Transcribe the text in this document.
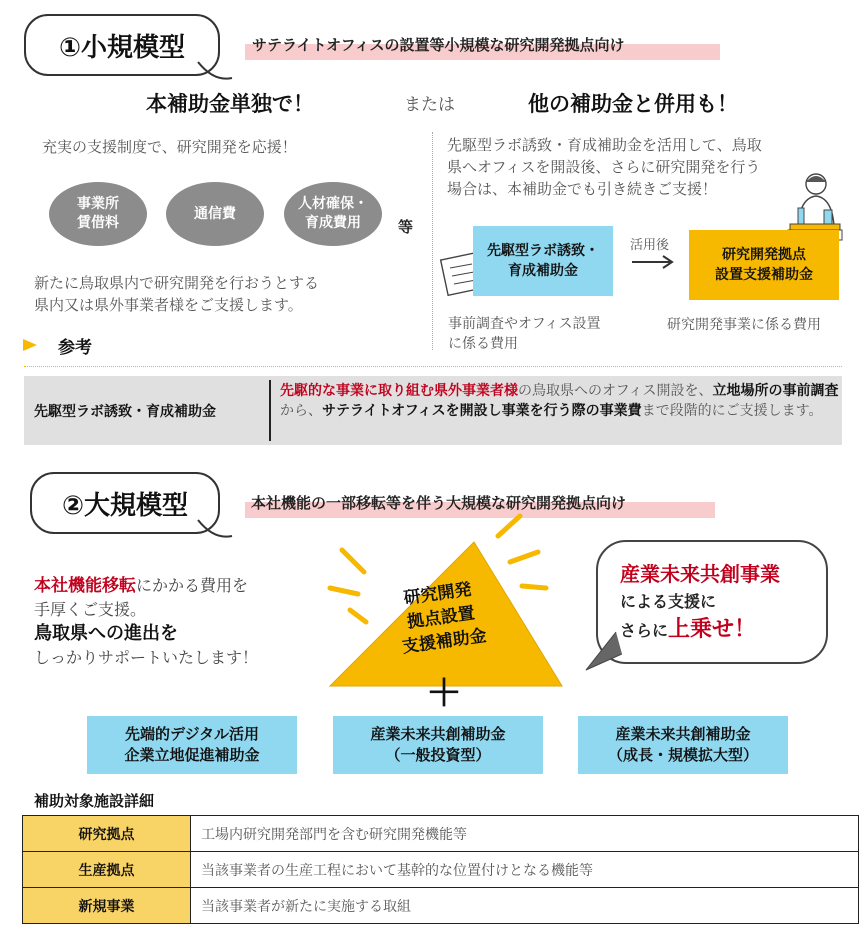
①小規模型	サテライトオフィスの設置等小規模な研究開発拠点向け
本補助金単独で！	または	他の補助金と併用も！
充実の支援制度で、研究開発を応援！
事業所
賃借料
通信費
人材確保・
育成費用	等
新たに鳥取県内で研究開発を行おうとする
県内又は県外事業者様をご支援します。
先駆型ラボ誘致・育成補助金を活用して、鳥取
県へオフィスを開設後、さらに研究開発を行う
場合は、本補助金でも引き続きご支援！
先駆型ラボ誘致・
育成補助金
活用後
研究開発拠点
設置支援補助金
事前調査やオフィス設置
に係る費用
研究開発事業に係る費用
参考
先駆型ラボ誘致・育成補助金
先駆的な事業に取り組む県外事業者様の鳥取県へのオフィス開設を、立地場所の事前調査から、サテライトオフィスを開設し事業を行う際の事業費まで段階的にご支援します。
②大規模型	本社機能の一部移転等を伴う大規模な研究開発拠点向け
本社機能移転にかかる費用を
手厚くご支援。
鳥取県への進出を
しっかりサポートいたします！
研究開発
拠点設置
支援補助金
産業未来共創事業
による支援に
さらに上乗せ！
＋
先端的デジタル活用
企業立地促進補助金
産業未来共創補助金
（一般投資型）
産業未来共創補助金
（成長・規模拡大型）
補助対象施設詳細
研究拠点	工場内研究開発部門を含む研究開発機能等
生産拠点	当該事業者の生産工程において基幹的な位置付けとなる機能等
新規事業	当該事業者が新たに実施する取組
